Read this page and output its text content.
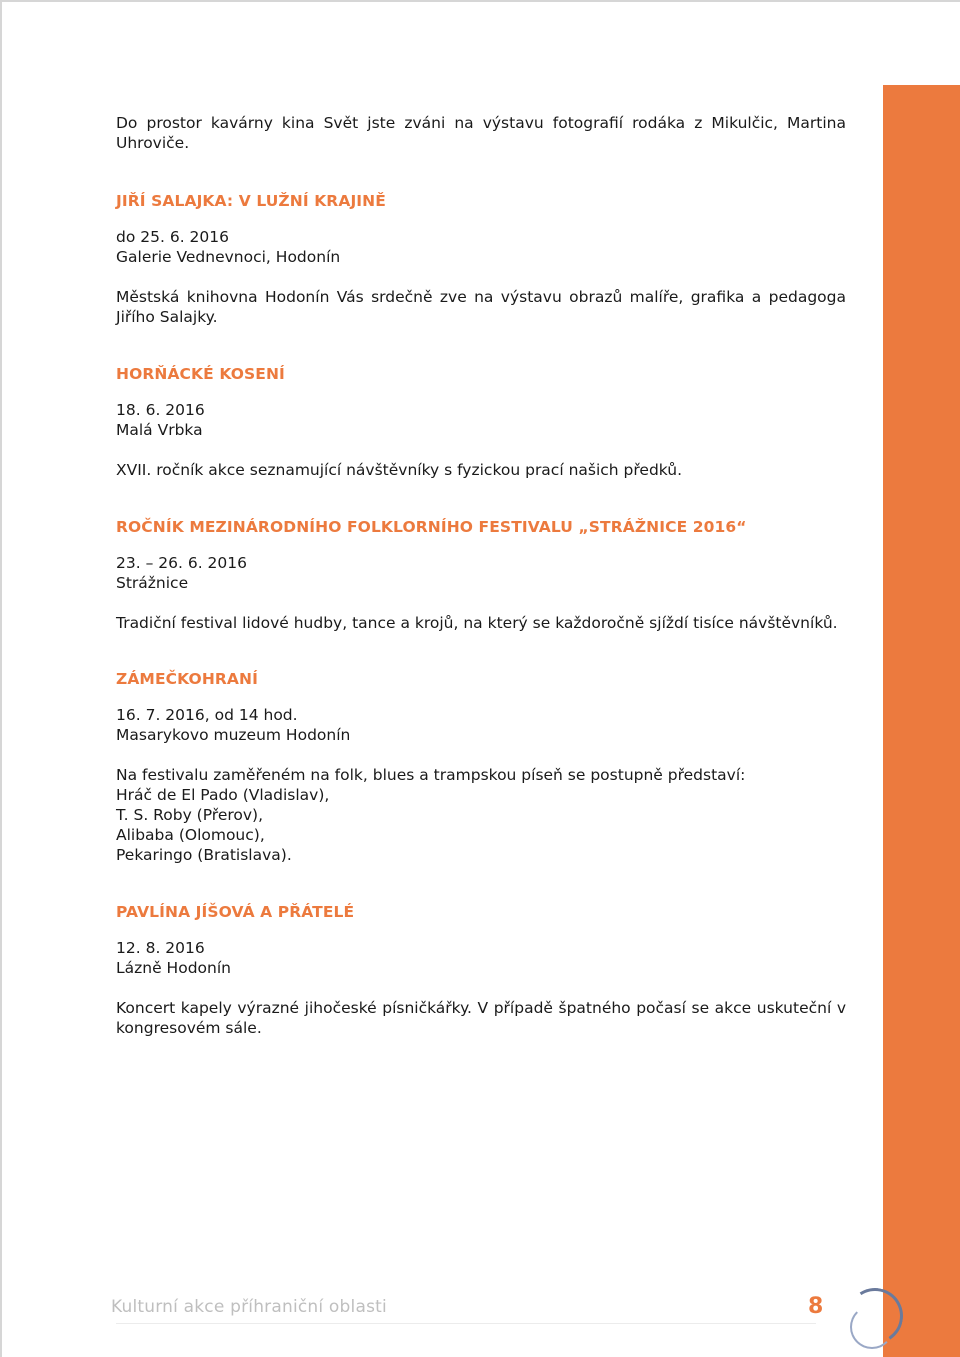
Do prostor kavárny kina Svět jste zváni na výstavu fotografií rodáka z Mikulčic, Martina Uhroviče.

JIŘÍ SALAJKA: V LUŽNÍ KRAJINĚ

do 25. 6. 2016
Galerie Vednevnoci, Hodonín

Městská knihovna Hodonín Vás srdečně zve na výstavu obrazů malíře, grafika a pedagoga Jiřího Salajky.

HORŇÁCKÉ KOSENÍ

18. 6. 2016
Malá Vrbka

XVII. ročník akce seznamující návštěvníky s fyzickou prací našich předků.

ROČNÍK MEZINÁRODNÍHO FOLKLORNÍHO FESTIVALU „STRÁŽNICE 2016“

23. – 26. 6. 2016
Strážnice

Tradiční festival lidové hudby, tance a krojů, na který se každoročně sjíždí tisíce návštěvníků.

ZÁMEČKOHRANÍ

16. 7. 2016, od 14 hod.
Masarykovo muzeum Hodonín

Na festivalu zaměřeném na folk, blues a trampskou píseň se postupně představí:
Hráč de El Pado (Vladislav),
T. S. Roby (Přerov),
Alibaba (Olomouc),
Pekaringo (Bratislava).

PAVLÍNA JÍŠOVÁ A PŘÁTELÉ

12. 8. 2016
Lázně Hodonín

Koncert kapely výrazné jihočeské písničkářky. V případě špatného počasí se akce uskuteční v kongresovém sále.

Kulturní akce příhraniční oblasti	8
